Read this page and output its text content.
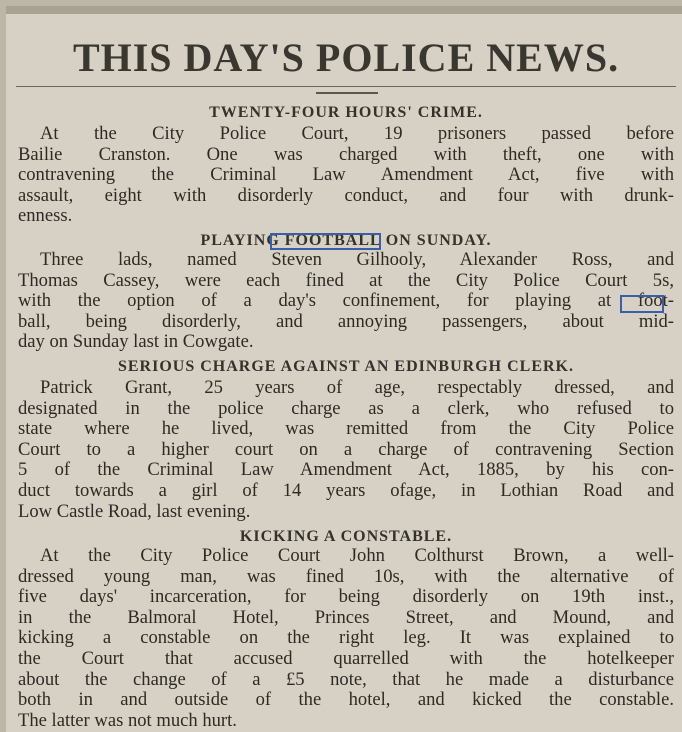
THIS DAY'S POLICE NEWS.
TWENTY-FOUR HOURS' CRIME.

At the City Police Court, 19 prisoners passed before
Bailie Cranston. One was charged with theft, one with
contravening the Criminal Law Amendment Act, five with
assault, eight with disorderly conduct, and four with drunk-
enness.

PLAYING FOOTBALL ON SUNDAY.

Three lads, named Steven Gilhooly, Alexander Ross, and
Thomas Cassey, were each fined at the City Police Court 5s,
with the option of a day's confinement, for playing at foot-
ball, being disorderly, and annoying passengers, about mid-
day on Sunday last in Cowgate.

SERIOUS CHARGE AGAINST AN EDINBURGH CLERK.

Patrick Grant, 25 years of age, respectably dressed, and
designated in the police charge as a clerk, who refused to
state where he lived, was remitted from the City Police
Court to a higher court on a charge of contravening Section
5 of the Criminal Law Amendment Act, 1885, by his con-
duct towards a girl of 14 years ofage, in Lothian Road and
Low Castle Road, last evening.

KICKING A CONSTABLE.

At the City Police Court John Colthurst Brown, a well-
dressed young man, was fined 10s, with the alternative of
five days' incarceration, for being disorderly on 19th inst.,
in the Balmoral Hotel, Princes Street, and Mound, and
kicking a constable on the right leg. It was explained to
the Court that accused quarrelled with the hotelkeeper
about the change of a £5 note, that he made a disturbance
both in and outside of the hotel, and kicked the constable.
The latter was not much hurt.
